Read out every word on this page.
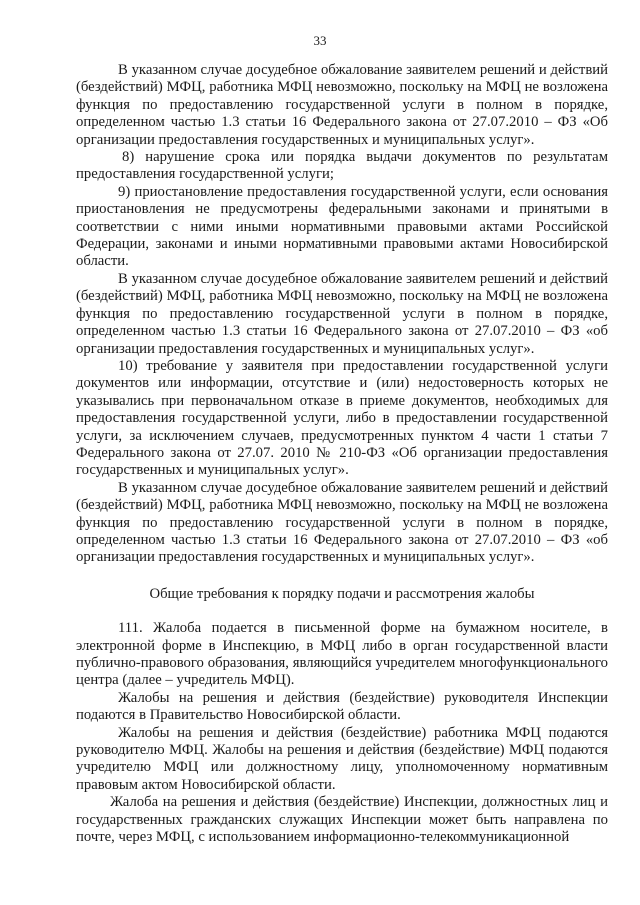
33

В указанном случае досудебное обжалование заявителем решений и действий (бездействий) МФЦ, работника МФЦ невозможно, поскольку на МФЦ не возложена функция по предоставлению государственной услуги в полном в порядке, определенном частью 1.3 статьи 16 Федерального закона от 27.07.2010 – ФЗ «Об организации предоставления государственных и муниципальных услуг».

8) нарушение срока или порядка выдачи документов по результатам предоставления государственной услуги;

9) приостановление предоставления государственной услуги, если основания приостановления не предусмотрены федеральными законами и принятыми в соответствии с ними иными нормативными правовыми актами Российской Федерации, законами и иными нормативными правовыми актами Новосибирской области.

В указанном случае досудебное обжалование заявителем решений и действий (бездействий) МФЦ, работника МФЦ невозможно, поскольку на МФЦ не возложена функция по предоставлению государственной услуги в полном в порядке, определенном частью 1.3 статьи 16 Федерального закона от 27.07.2010 – ФЗ «об организации предоставления государственных и муниципальных услуг».

10) требование у заявителя при предоставлении государственной услуги документов или информации, отсутствие и (или) недостоверность которых не указывались при первоначальном отказе в приеме документов, необходимых для предоставления государственной услуги, либо в предоставлении государственной услуги, за исключением случаев, предусмотренных пунктом 4 части 1 статьи 7 Федерального закона от 27.07. 2010 № 210-ФЗ «Об организации предоставления государственных и муниципальных услуг».

В указанном случае досудебное обжалование заявителем решений и действий (бездействий) МФЦ, работника МФЦ невозможно, поскольку на МФЦ не возложена функция по предоставлению государственной услуги в полном в порядке, определенном частью 1.3 статьи 16 Федерального закона от 27.07.2010 – ФЗ «об организации предоставления государственных и муниципальных услуг».

Общие требования к порядку подачи и рассмотрения жалобы

111. Жалоба подается в письменной форме на бумажном носителе, в электронной форме в Инспекцию, в МФЦ либо в орган государственной власти публично-правового образования, являющийся учредителем многофункционального центра (далее – учредитель МФЦ).

Жалобы на решения и действия (бездействие) руководителя Инспекции подаются в Правительство Новосибирской области.

Жалобы на решения и действия (бездействие) работника МФЦ подаются руководителю МФЦ. Жалобы на решения и действия (бездействие) МФЦ подаются учредителю МФЦ или должностному лицу, уполномоченному нормативным правовым актом Новосибирской области.

Жалоба на решения и действия (бездействие) Инспекции, должностных лиц и государственных гражданских служащих Инспекции может быть направлена по почте, через МФЦ, с использованием информационно-телекоммуникационной
